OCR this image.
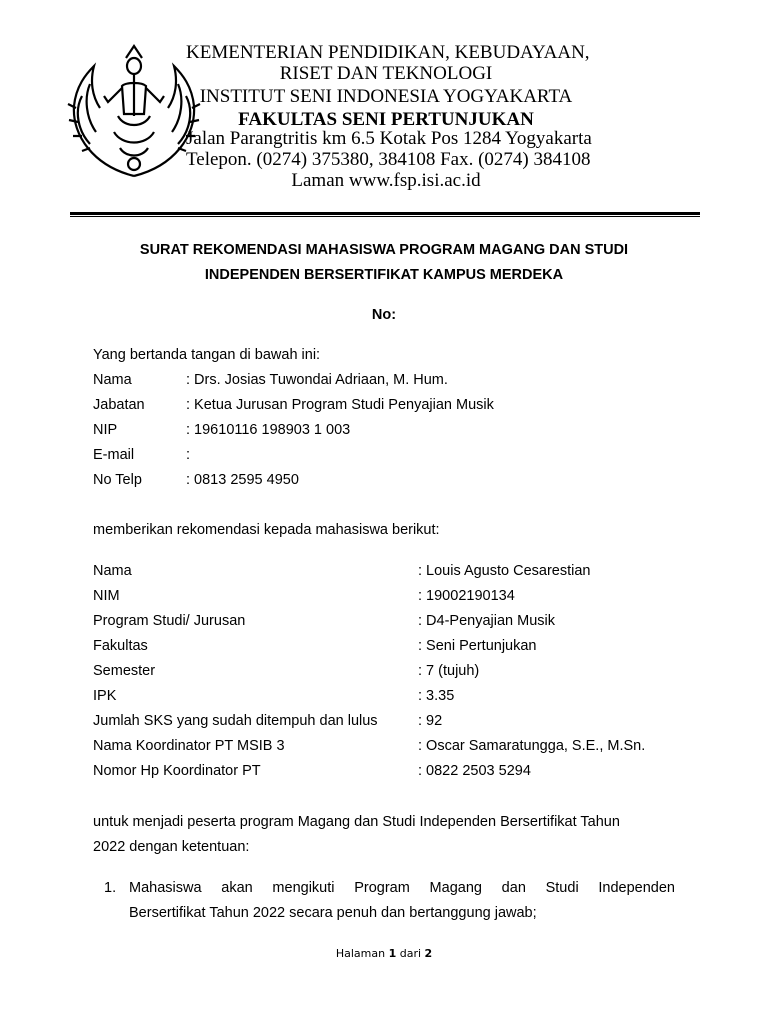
KEMENTERIAN PENDIDIKAN, KEBUDAYAAN,
RISET DAN TEKNOLOGI
INSTITUT SENI INDONESIA YOGYAKARTA
FAKULTAS SENI PERTUNJUKAN
Jalan Parangtritis km 6.5 Kotak Pos 1284 Yogyakarta
Telepon. (0274) 375380, 384108 Fax. (0274) 384108
Laman www.fsp.isi.ac.id
SURAT REKOMENDASI MAHASISWA PROGRAM MAGANG DAN STUDI
INDEPENDEN BERSERTIFIKAT KAMPUS MERDEKA
No:
Yang bertanda tangan di bawah ini:
Nama	: Drs. Josias Tuwondai Adriaan, M. Hum.
Jabatan	: Ketua Jurusan Program Studi Penyajian Musik
NIP	: 19610116 198903 1 003
E-mail	:
No Telp	: 0813 2595 4950
memberikan rekomendasi kepada mahasiswa berikut:
Nama	: Louis Agusto Cesarestian
NIM	: 19002190134
Program Studi/ Jurusan	: D4-Penyajian Musik
Fakultas	: Seni Pertunjukan
Semester	: 7 (tujuh)
IPK	: 3.35
Jumlah SKS yang sudah ditempuh dan lulus	: 92
Nama Koordinator PT MSIB 3	: Oscar Samaratungga, S.E., M.Sn.
Nomor Hp Koordinator PT	: 0822 2503 5294
untuk menjadi peserta program Magang dan Studi Independen Bersertifikat Tahun
2022 dengan ketentuan:
1. Mahasiswa akan mengikuti Program Magang dan Studi Independen
Bersertifikat Tahun 2022 secara penuh dan bertanggung jawab;
Halaman 1 dari 2
